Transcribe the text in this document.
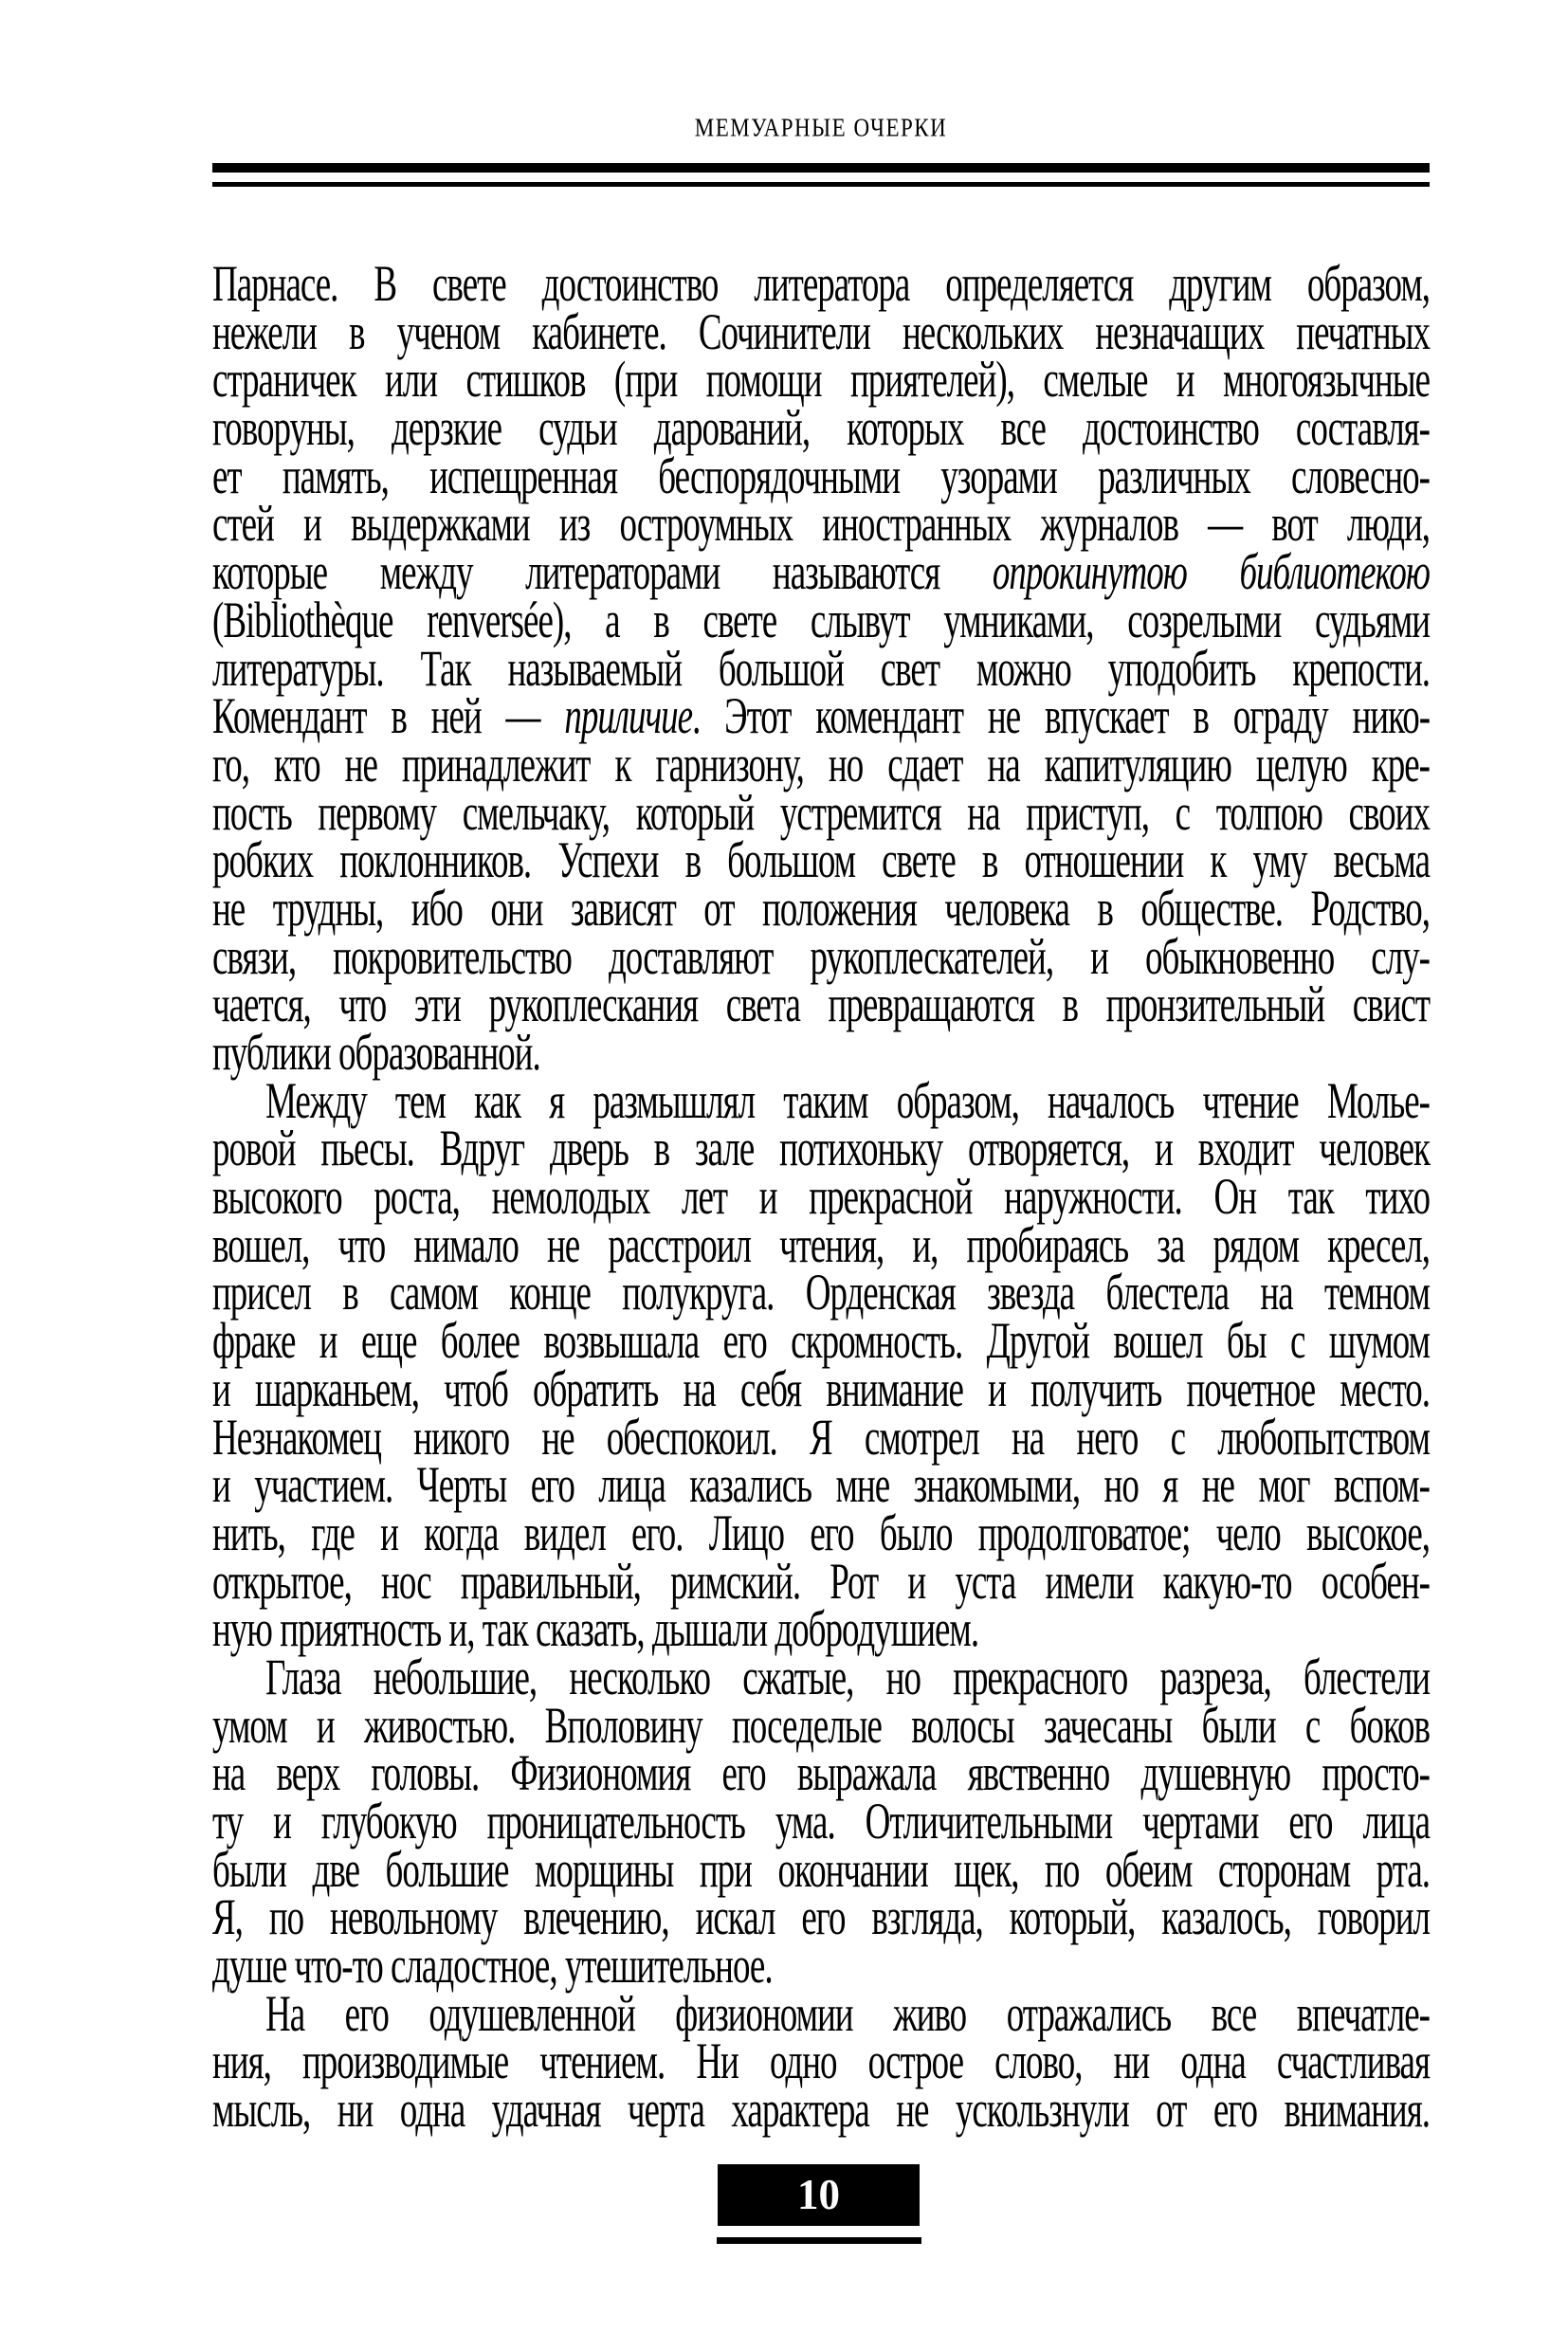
МЕМУАРНЫЕ ОЧЕРКИ
Парнасе. В свете достоинство литератора определяется другим образом,
нежели в ученом кабинете. Сочинители нескольких незначащих печатных
страничек или стишков (при помощи приятелей), смелые и многоязычные
говоруны, дерзкие судьи дарований, которых все достоинство составля-
ет память, испещренная беспорядочными узорами различных словесно-
стей и выдержками из остроумных иностранных журналов — вот люди,
которые между литераторами называются опрокинутою библиотекою
(Bibliothèque renversée), а в свете слывут умниками, созрелыми судьями
литературы. Так называемый большой свет можно уподобить крепости.
Комендант в ней — приличие. Этот комендант не впускает в ограду нико-
го, кто не принадлежит к гарнизону, но сдает на капитуляцию целую кре-
пость первому смельчаку, который устремится на приступ, с толпою своих
робких поклонников. Успехи в большом свете в отношении к уму весьма
не трудны, ибо они зависят от положения человека в обществе. Родство,
связи, покровительство доставляют рукоплескателей, и обыкновенно слу-
чается, что эти рукоплескания света превращаются в пронзительный свист
публики образованной.
Между тем как я размышлял таким образом, началось чтение Молье-
ровой пьесы. Вдруг дверь в зале потихоньку отворяется, и входит человек
высокого роста, немолодых лет и прекрасной наружности. Он так тихо
вошел, что нимало не расстроил чтения, и, пробираясь за рядом кресел,
присел в самом конце полукруга. Орденская звезда блестела на темном
фраке и еще более возвышала его скромность. Другой вошел бы с шумом
и шарканьем, чтоб обратить на себя внимание и получить почетное место.
Незнакомец никого не обеспокоил. Я смотрел на него с любопытством
и участием. Черты его лица казались мне знакомыми, но я не мог вспом-
нить, где и когда видел его. Лицо его было продолговатое; чело высокое,
открытое, нос правильный, римский. Рот и уста имели какую-то особен-
ную приятность и, так сказать, дышали добродушием.
Глаза небольшие, несколько сжатые, но прекрасного разреза, блестели
умом и живостью. Вполовину поседелые волосы зачесаны были с боков
на верх головы. Физиономия его выражала явственно душевную просто-
ту и глубокую проницательность ума. Отличительными чертами его лица
были две большие морщины при окончании щек, по обеим сторонам рта.
Я, по невольному влечению, искал его взгляда, который, казалось, говорил
душе что-то сладостное, утешительное.
На его одушевленной физиономии живо отражались все впечатле-
ния, производимые чтением. Ни одно острое слово, ни одна счастливая
мысль, ни одна удачная черта характера не ускользнули от его внимания.
10
